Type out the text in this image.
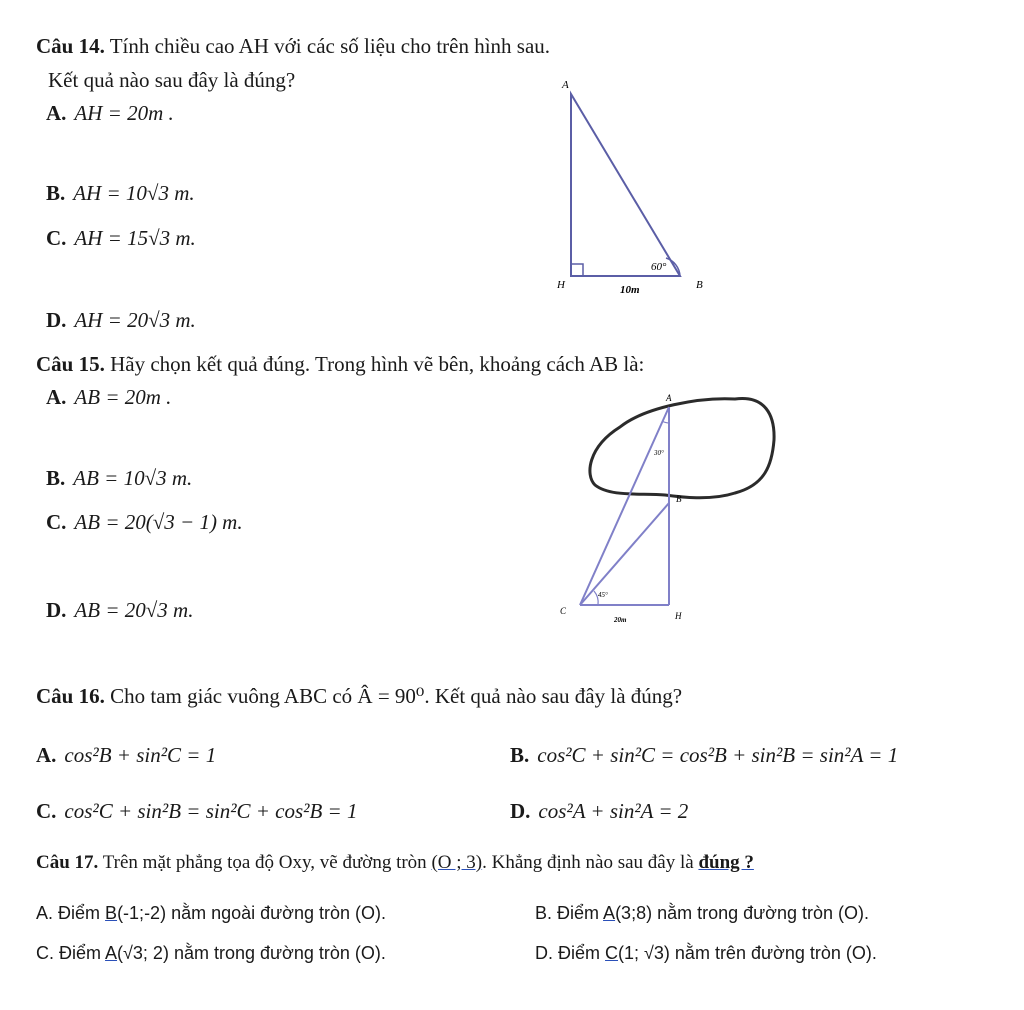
Câu 14. Tính chiều cao AH với các số liệu cho trên hình sau.
Kết quả nào sau đây là đúng?
A. AH = 20m .
B. AH = 10√3 m.
C. AH = 15√3 m.
D. AH = 20√3 m.
A
H	B
60°
10m
Câu 15. Hãy chọn kết quả đúng. Trong hình vẽ bên, khoảng cách AB là:
A. AB = 20m .
B. AB = 10√3 m.
C. AB = 20(√3 − 1) m.
D. AB = 20√3 m.
A
B
C	H
30°
45°
20m
Câu 16. Cho tam giác vuông ABC có Â = 90⁰. Kết quả nào sau đây là đúng?
A. cos²B + sin²C = 1	B. cos²C + sin²C = cos²B + sin²B = sin²A = 1
C. cos²C + sin²B = sin²C + cos²B = 1	D. cos²A + sin²A = 2
Câu 17. Trên mặt phẳng tọa độ Oxy, vẽ đường tròn (O ; 3). Khẳng định nào sau đây là đúng ?
A. Điểm B(-1;-2) nằm ngoài đường tròn (O).	B. Điểm A(3;8) nằm trong đường tròn (O).
C. Điểm A(√3; 2) nằm trong đường tròn (O).	D. Điểm C(1; √3) nằm trên đường tròn (O).
